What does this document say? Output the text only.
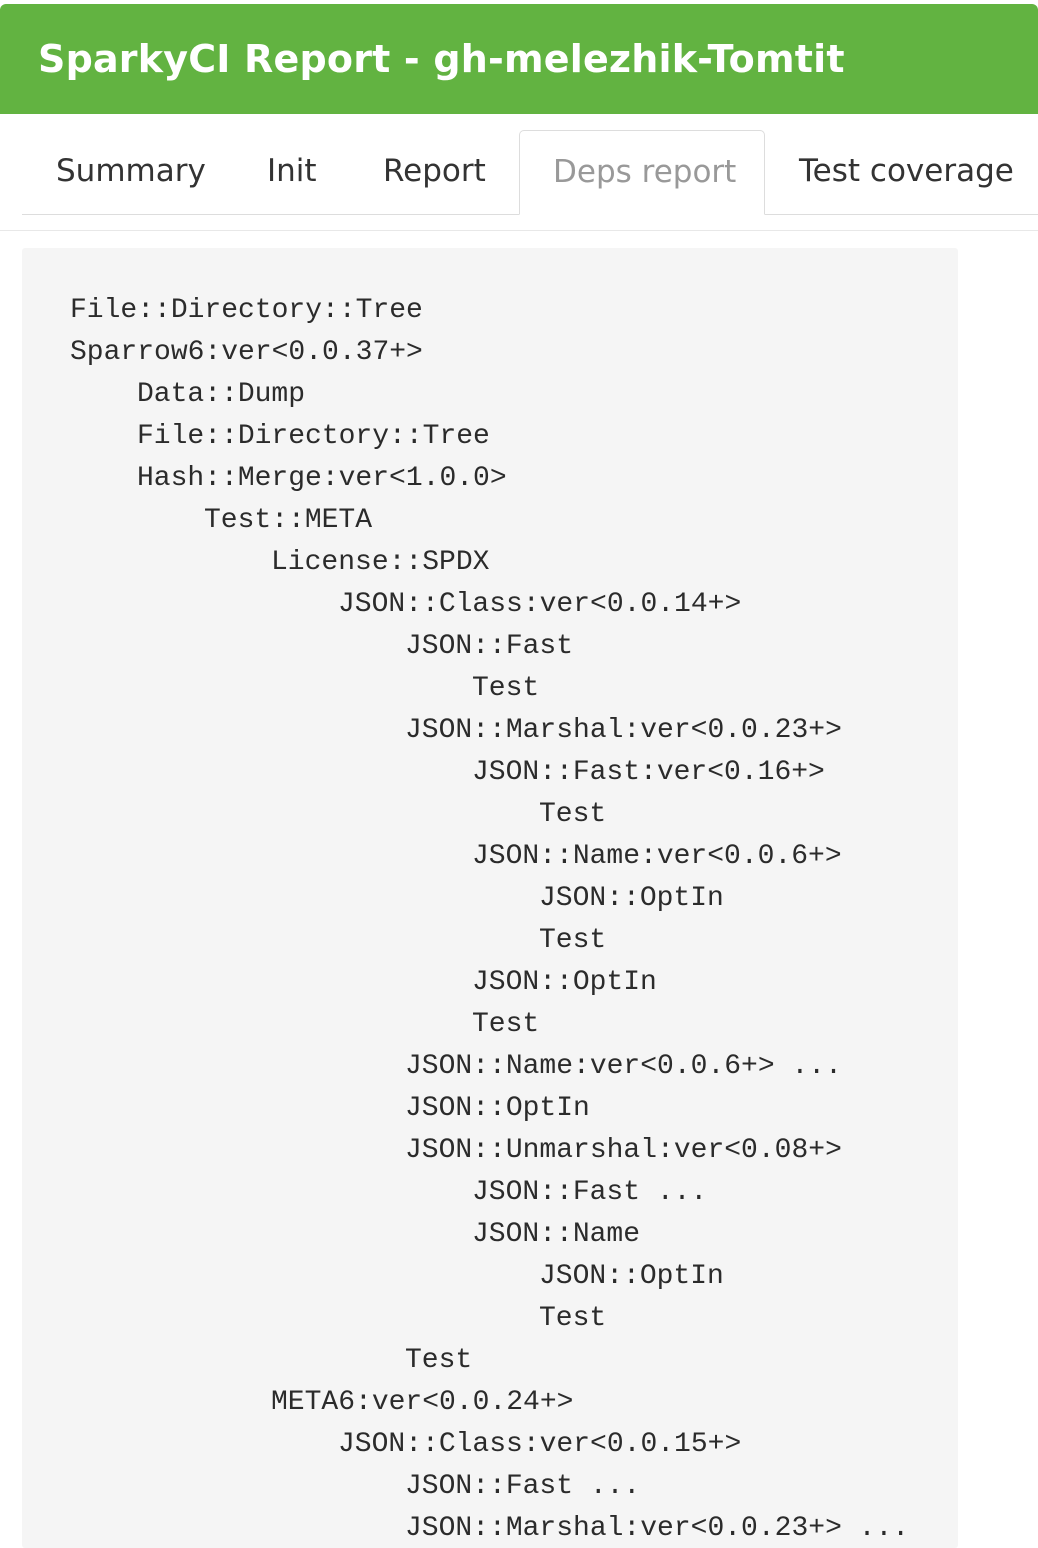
SparkyCI Report - gh-melezhik-Tomtit
Summary Init Report	Deps report	Test coverage
File::Directory::Tree
Sparrow6:ver<0.0.37+>
Data::Dump
File::Directory::Tree
Hash::Merge:ver<1.0.0>
Test::META
License::SPDX
JSON::Class:ver<0.0.14+>
JSON::Fast
Test
JSON::Marshal:ver<0.0.23+>
JSON::Fast:ver<0.16+>
Test
JSON::Name:ver<0.0.6+>
JSON::OptIn
Test
JSON::OptIn
Test
JSON::Name:ver<0.0.6+> ...
JSON::OptIn
JSON::Unmarshal:ver<0.08+>
JSON::Fast ...
JSON::Name
JSON::OptIn
Test
Test
META6:ver<0.0.24+>
JSON::Class:ver<0.0.15+>
JSON::Fast ...
JSON::Marshal:ver<0.0.23+> ...
